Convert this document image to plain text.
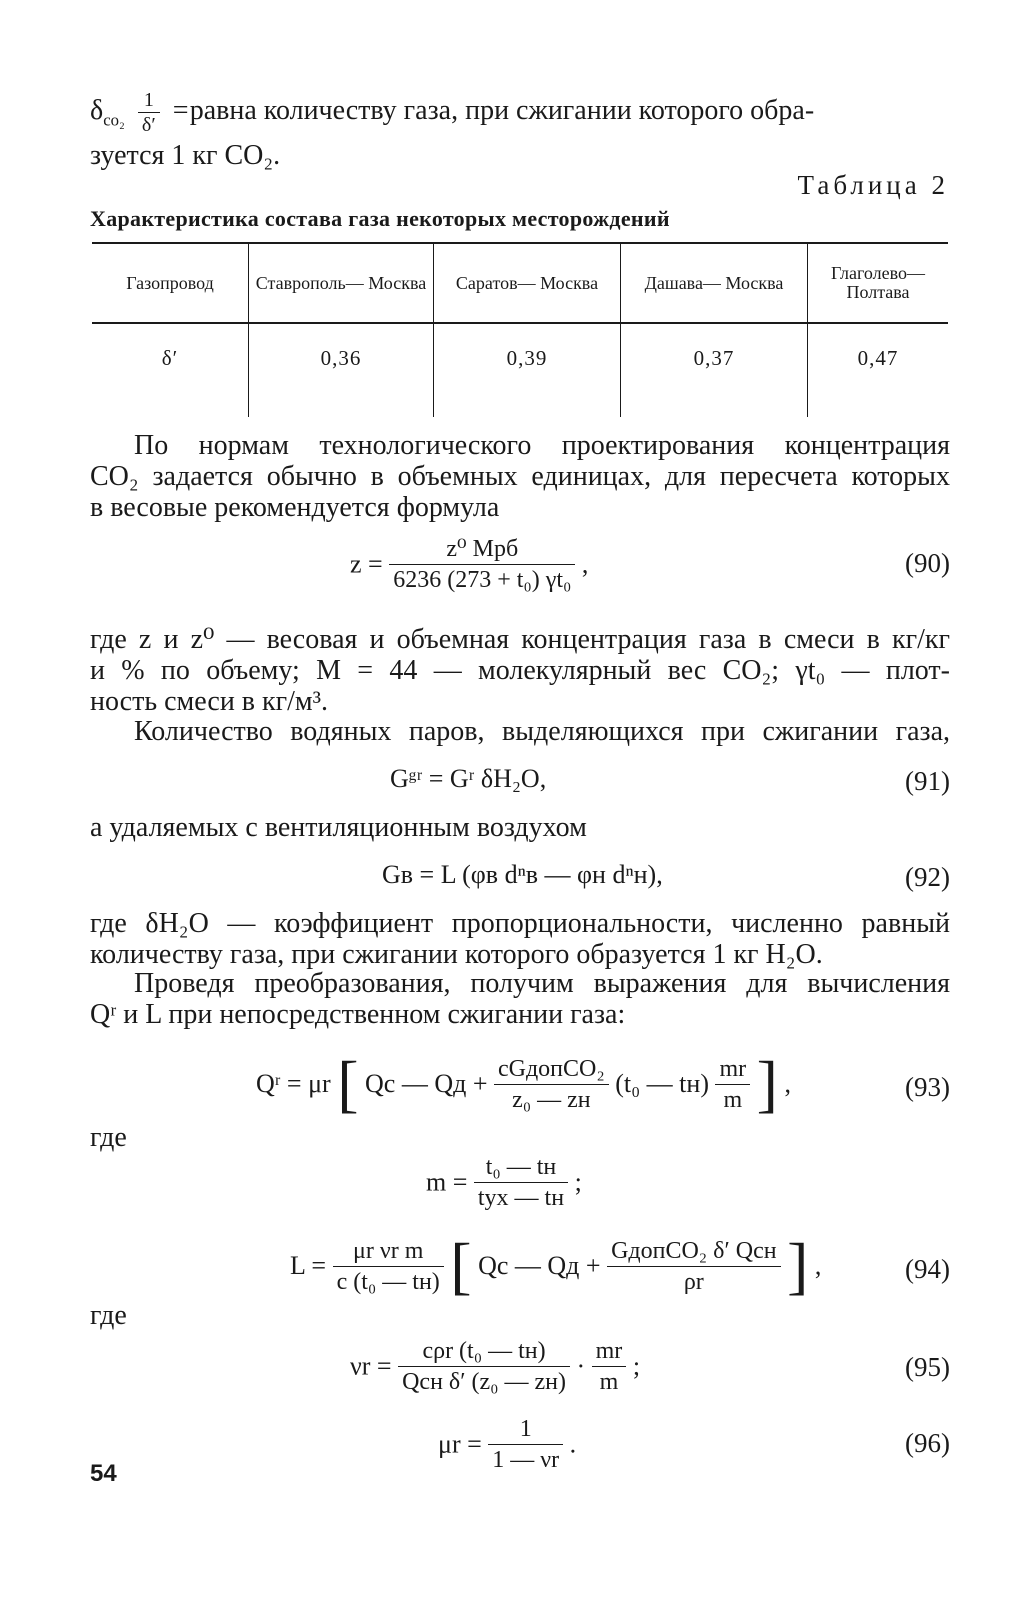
$\delta_{co_2} \frac{1}{\delta'}$ = равна количеству газа, при сжигании которого обра-
зуется 1 кг CO₂.
Таблица 2
Характеристика состава газа некоторых месторождений
Газопровод	Ставрополь— Москва	Саратов— Москва	Дашава— Москва	Глаголево— Полтава
δ′	0,36	0,39	0,37	0,47
По нормам технологического проектирования концентрация
CO₂ задается обычно в объемных единицах, для пересчета которых
в весовые рекомендуется формула
$z = \frac{\text{z⁰ Mpб}}{\text{6236 (273 + t₀) γt₀}}$ ,	(90)
где z и z⁰ — весовая и объемная концентрация газа в смеси в кг/кг
и % по объему; M = 44 — молекулярный вес CO₂; γt₀ — плот-
ность смеси в кг/м³.
Количество водяных паров, выделяющихся при сжигании газа,
Gᵍʳ = Gʳ δH₂O,	(91)
а удаляемых с вентиляционным воздухом
Gв = L (φв dⁿв — φн dⁿн),	(92)
где δH₂O — коэффициент пропорциональности, численно равный
количеству газа, при сжигании которого образуется 1 кг H₂O.
Проведя преобразования, получим выражения для вычисления
Qʳ и L при непосредственном сжигании газа:
Qʳ = μr [ Qс — Qд + $\frac{\text{cGдопCO₂}}{\text{z₀ — zн}} (t_0$ — $tн) \frac{mr}{m}$ ] ,	(93)
где
$m = \frac{\text{t₀ — tн}}{\text{tух — tн}}$ ;
$L = \frac{\text{μr νr m}}{\text{c (t₀ — tн)}}$ [ Qс — Qд + $\frac{\text{GдопCO₂ δ′ Qсн}}{\rho r}$ ] ,	(94)
где
$\nu r = \frac{\text{cρr (t₀ — tн)}}{\text{Qсн δ′ (z₀ — zн)}} \cdot \frac{mr}{m}$ ;	(95)
$\mu r = \frac{1}{1 — \nu r}$ .	(96)
54
